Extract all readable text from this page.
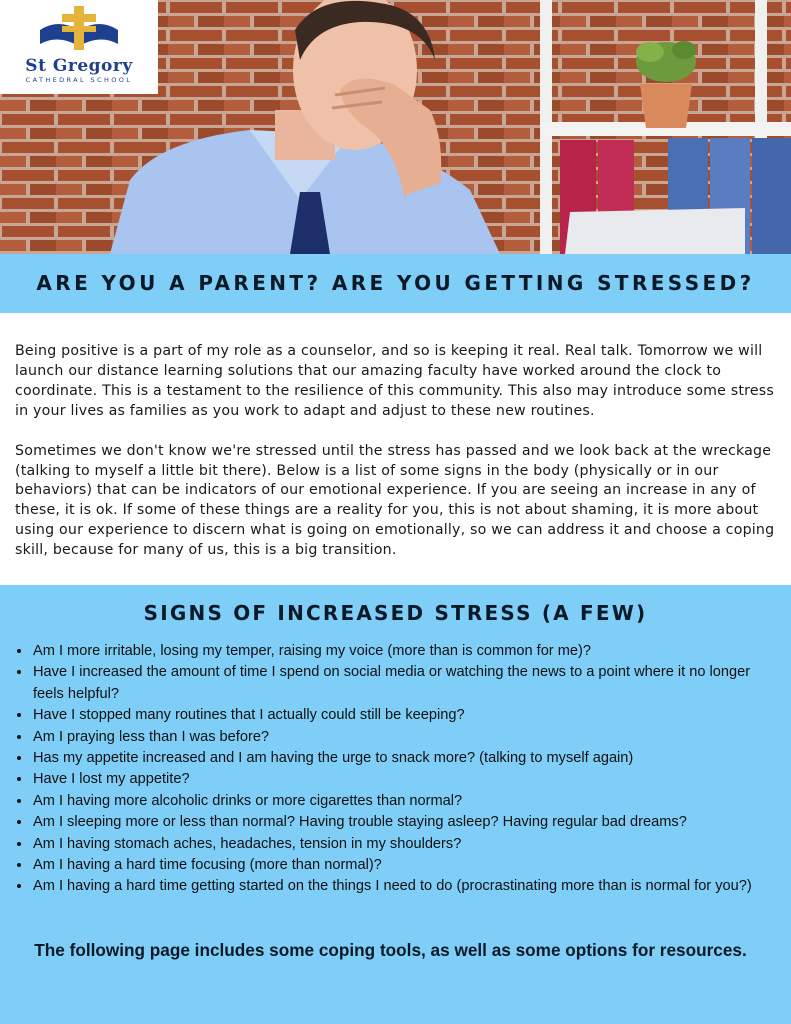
St Gregory
CATHEDRAL SCHOOL
ARE YOU A PARENT? ARE YOU GETTING STRESSED?

Being positive is a part of my role as a counselor, and so is keeping it real. Real talk. Tomorrow we will launch our distance learning solutions that our amazing faculty have worked around the clock to coordinate. This is a testament to the resilience of this community. This also may introduce some stress in your lives as families as you work to adapt and adjust to these new routines.

Sometimes we don't know we're stressed until the stress has passed and we look back at the wreckage (talking to myself a little bit there). Below is a list of some signs in the body (physically or in our behaviors) that can be indicators of our emotional experience. If you are seeing an increase in any of these, it is ok. If some of these things are a reality for you, this is not about shaming, it is more about using our experience to discern what is going on emotionally, so we can address it and choose a coping skill, because for many of us, this is a big transition.

SIGNS OF INCREASED STRESS (A FEW)
• Am I more irritable, losing my temper, raising my voice (more than is common for me)?
• Have I increased the amount of time I spend on social media or watching the news to a point where it no longer feels helpful?
• Have I stopped many routines that I actually could still be keeping?
• Am I praying less than I was before?
• Has my appetite increased and I am having the urge to snack more? (talking to myself again)
• Have I lost my appetite?
• Am I having more alcoholic drinks or more cigarettes than normal?
• Am I sleeping more or less than normal? Having trouble staying asleep? Having regular bad dreams?
• Am I having stomach aches, headaches, tension in my shoulders?
• Am I having a hard time focusing (more than normal)?
• Am I having a hard time getting started on the things I need to do (procrastinating more than is normal for you?)
The following page includes some coping tools, as well as some options for resources.
